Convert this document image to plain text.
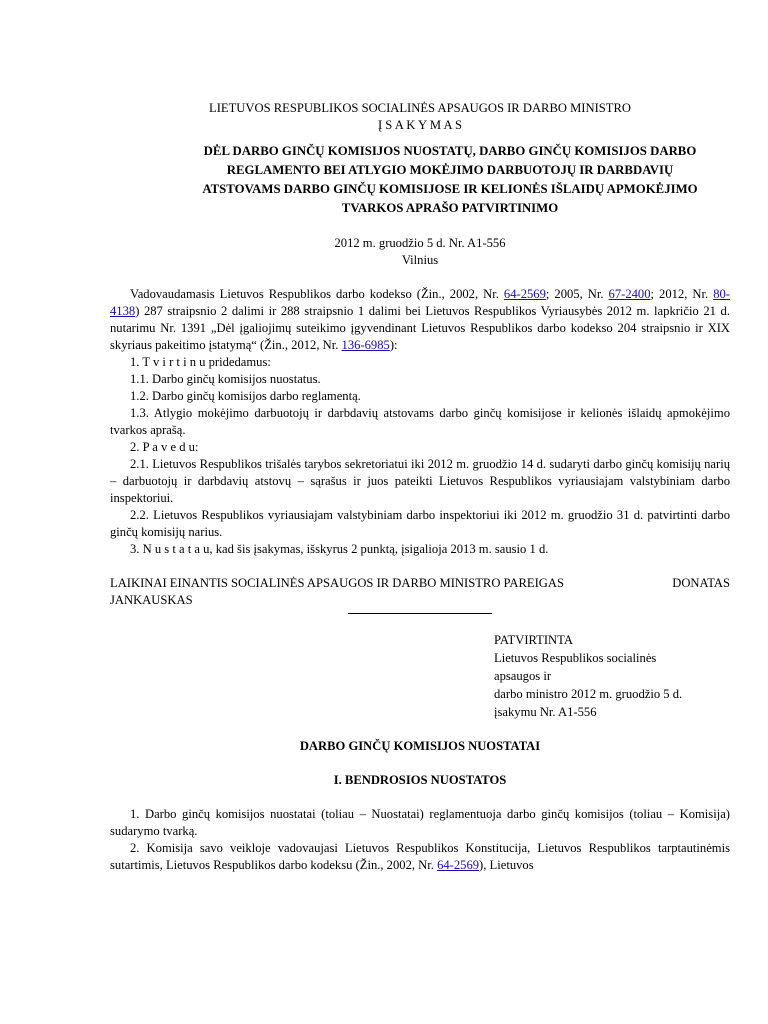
LIETUVOS RESPUBLIKOS SOCIALINĖS APSAUGOS IR DARBO MINISTRO

Į S A K Y M A S

DĖL DARBO GINČŲ KOMISIJOS NUOSTATŲ, DARBO GINČŲ KOMISIJOS DARBO
REGLAMENTO BEI ATLYGIO MOKĖJIMO DARBUOTOJŲ IR DARBDAVIŲ
ATSTOVAMS DARBO GINČŲ KOMISIJOSE IR KELIONĖS IŠLAIDŲ APMOKĖJIMO
TVARKOS APRAŠO PATVIRTINIMO

2012 m. gruodžio 5 d. Nr. A1-556

Vilnius

Vadovaudamasis Lietuvos Respublikos darbo kodekso (Žin., 2002, Nr. 64-2569; 2005, Nr. 67-2400; 2012, Nr. 80-4138) 287 straipsnio 2 dalimi ir 288 straipsnio 1 dalimi bei Lietuvos Respublikos Vyriausybės 2012 m. lapkričio 21 d. nutarimu Nr. 1391 „Dėl įgaliojimų suteikimo įgyvendinant Lietuvos Respublikos darbo kodekso 204 straipsnio ir XIX skyriaus pakeitimo įstatymą“ (Žin., 2012, Nr. 136-6985):

1. T v i r t i n u pridedamus:

1.1. Darbo ginčų komisijos nuostatus.

1.2. Darbo ginčų komisijos darbo reglamentą.

1.3. Atlygio mokėjimo darbuotojų ir darbdavių atstovams darbo ginčų komisijose ir kelionės išlaidų apmokėjimo tvarkos aprašą.

2. P a v e d u:

2.1. Lietuvos Respublikos trišalės tarybos sekretoriatui iki 2012 m. gruodžio 14 d. sudaryti darbo ginčų komisijų narių – darbuotojų ir darbdavių atstovų – sąrašus ir juos pateikti Lietuvos Respublikos vyriausiajam valstybiniam darbo inspektoriui.

2.2. Lietuvos Respublikos vyriausiajam valstybiniam darbo inspektoriui iki 2012 m. gruodžio 31 d. patvirtinti darbo ginčų komisijų narius.

3. N u s t a t a u, kad šis įsakymas, išskyrus 2 punktą, įsigalioja 2013 m. sausio 1 d.

LAIKINAI EINANTIS SOCIALINĖS APSAUGOS IR DARBO MINISTRO PAREIGAS	DONATAS

JANKAUSKAS

PATVIRTINTA
Lietuvos Respublikos socialinės
apsaugos ir
darbo ministro 2012 m. gruodžio 5 d.
įsakymu Nr. A1-556

DARBO GINČŲ KOMISIJOS NUOSTATAI

I. BENDROSIOS NUOSTATOS

1. Darbo ginčų komisijos nuostatai (toliau – Nuostatai) reglamentuoja darbo ginčų komisijos (toliau – Komisija) sudarymo tvarką.

2. Komisija savo veikloje vadovaujasi Lietuvos Respublikos Konstitucija, Lietuvos Respublikos tarptautinėmis sutartimis, Lietuvos Respublikos darbo kodeksu (Žin., 2002, Nr. 64-2569), Lietuvos
